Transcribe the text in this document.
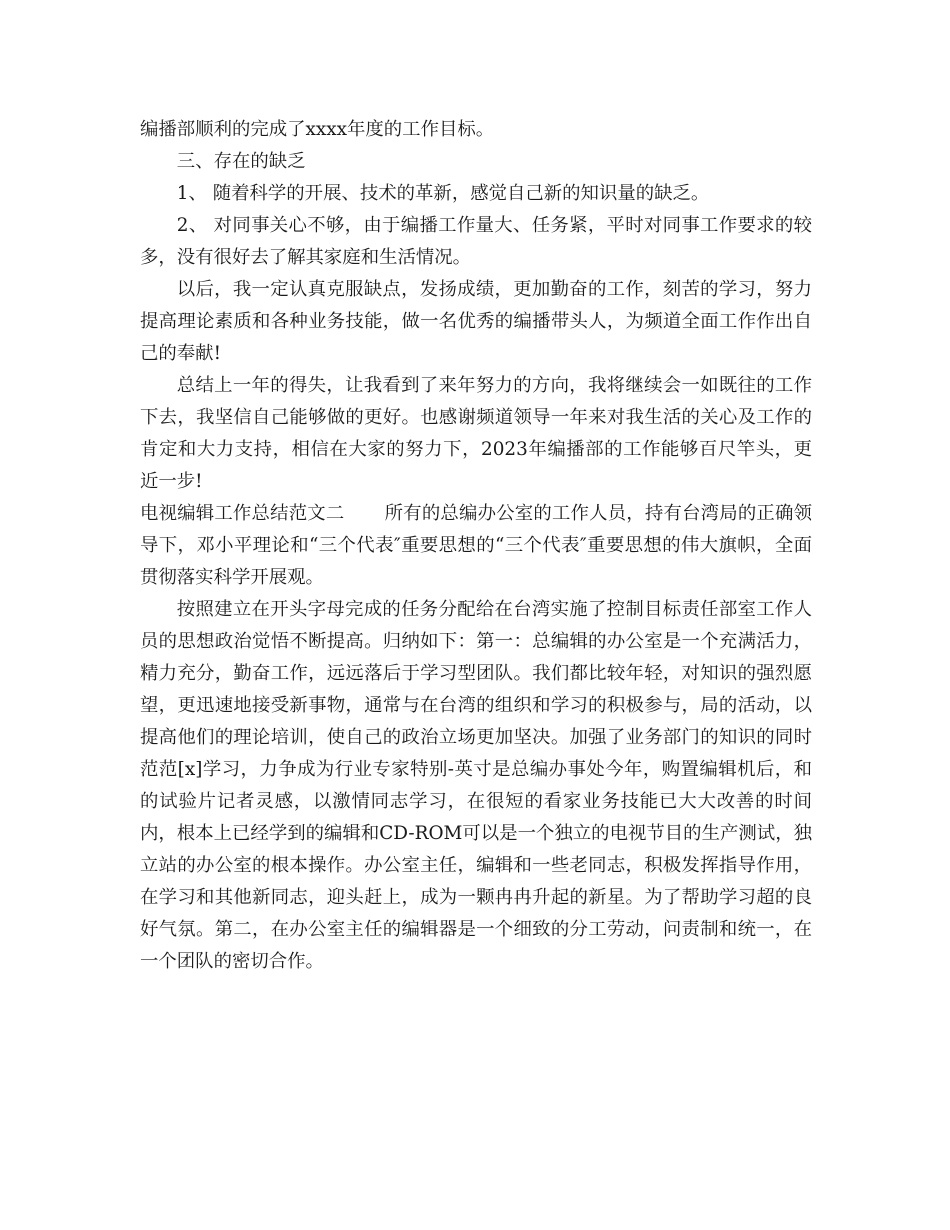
编播部顺利的完成了xxxx年度的工作目标。

三、存在的缺乏

1、 随着科学的开展、技术的革新，感觉自己新的知识量的缺乏。

2、 对同事关心不够，由于编播工作量大、任务紧，平时对同事工作要求的较多，没有很好去了解其家庭和生活情况。

以后，我一定认真克服缺点，发扬成绩，更加勤奋的工作，刻苦的学习，努力提高理论素质和各种业务技能，做一名优秀的编播带头人，为频道全面工作作出自己的奉献!

总结上一年的得失，让我看到了来年努力的方向，我将继续会一如既往的工作下去，我坚信自己能够做的更好。也感谢频道领导一年来对我生活的关心及工作的肯定和大力支持，相信在大家的努力下，2023年编播部的工作能够百尺竿头，更近一步!

电视编辑工作总结范文二 所有的总编办公室的工作人员，持有台湾局的正确领导下，邓小平理论和“三个代表″重要思想的“三个代表″重要思想的伟大旗帜，全面贯彻落实科学开展观。

按照建立在开头字母完成的任务分配给在台湾实施了控制目标责任部室工作人员的思想政治觉悟不断提高。归纳如下：第一：总编辑的办公室是一个充满活力，精力充分，勤奋工作，远远落后于学习型团队。我们都比较年轻，对知识的强烈愿望，更迅速地接受新事物，通常与在台湾的组织和学习的积极参与，局的活动，以提高他们的理论培训，使自己的政治立场更加坚决。加强了业务部门的知识的同时范范[x]学习，力争成为行业专家特别-英寸是总编办事处今年，购置编辑机后，和的试验片记者灵感，以激情同志学习，在很短的看家业务技能已大大改善的时间内，根本上已经学到的编辑和CD-ROM可以是一个独立的电视节目的生产测试，独立站的办公室的根本操作。办公室主任，编辑和一些老同志，积极发挥指导作用，在学习和其他新同志，迎头赶上，成为一颗冉冉升起的新星。为了帮助学习超的良好气氛。第二，在办公室主任的编辑器是一个细致的分工劳动，问责制和统一，在一个团队的密切合作。
